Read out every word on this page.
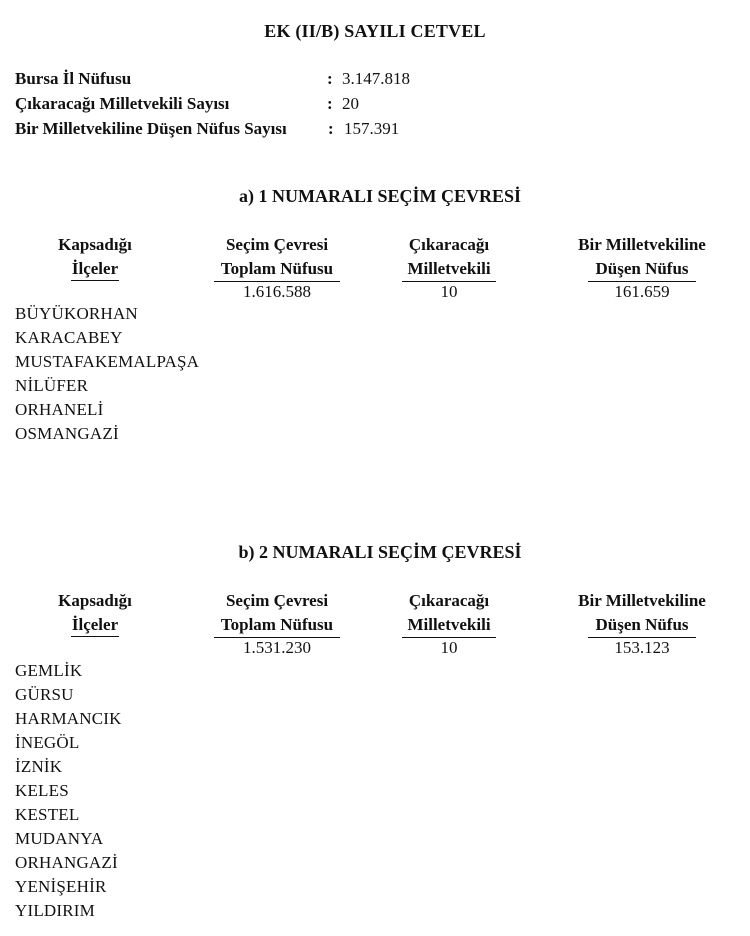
EK (II/B) SAYILI CETVEL
Bursa İl Nüfusu	: 3.147.818
Çıkaracağı Milletvekili Sayısı	: 20
Bir Milletvekiline Düşen Nüfus Sayısı : 157.391
a) 1 NUMARALI SEÇİM ÇEVRESİ
Kapsadığı
İlçeler
Seçim Çevresi
Toplam Nüfusu
1.616.588
Çıkaracağı
Milletvekili
10
Bir Milletvekiline
Düşen Nüfus
161.659
BÜYÜKORHAN
KARACABEY
MUSTAFAKEMALPAŞA
NİLÜFER
ORHANELİ
OSMANGAZİ
b) 2 NUMARALI SEÇİM ÇEVRESİ
Kapsadığı
İlçeler
Seçim Çevresi
Toplam Nüfusu
1.531.230
Çıkaracağı
Milletvekili
10
Bir Milletvekiline
Düşen Nüfus
153.123
GEMLİK
GÜRSU
HARMANCIK
İNEGÖL
İZNİK
KELES
KESTEL
MUDANYA
ORHANGAZİ
YENİŞEHİR
YILDIRIM
